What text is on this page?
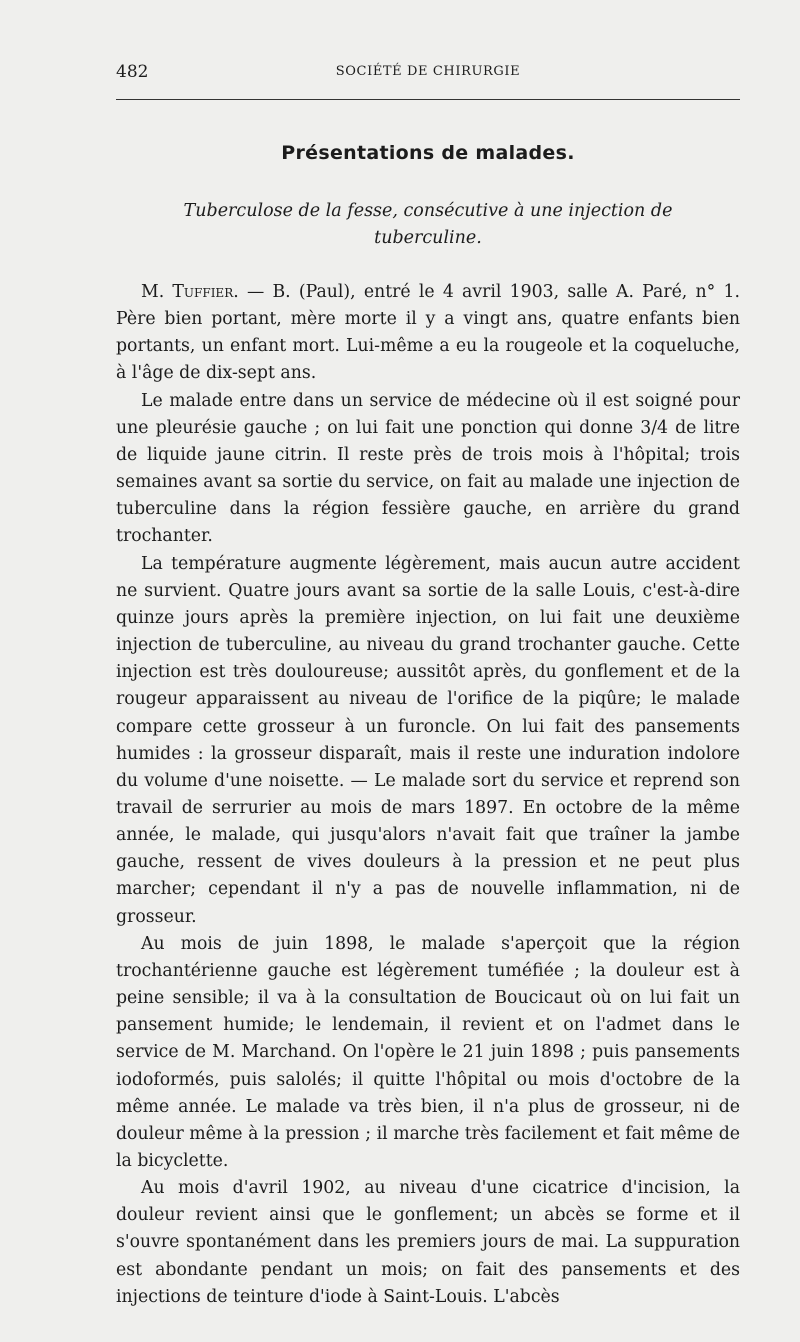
482	SOCIÉTÉ DE CHIRURGIE
Présentations de malades.
Tuberculose de la fesse, consécutive à une injection de tuberculine.

M. Tuffier. — B. (Paul), entré le 4 avril 1903, salle A. Paré, n° 1. Père bien portant, mère morte il y a vingt ans, quatre enfants bien portants, un enfant mort. Lui-même a eu la rougeole et la coqueluche, à l'âge de dix-sept ans.

Le malade entre dans un service de médecine où il est soigné pour une pleurésie gauche ; on lui fait une ponction qui donne 3/4 de litre de liquide jaune citrin. Il reste près de trois mois à l'hôpital; trois semaines avant sa sortie du service, on fait au malade une injection de tuberculine dans la région fessière gauche, en arrière du grand trochanter.

La température augmente légèrement, mais aucun autre accident ne survient. Quatre jours avant sa sortie de la salle Louis, c'est-à-dire quinze jours après la première injection, on lui fait une deuxième injection de tuberculine, au niveau du grand trochanter gauche. Cette injection est très douloureuse; aussitôt après, du gonflement et de la rougeur apparaissent au niveau de l'orifice de la piqûre; le malade compare cette grosseur à un furoncle. On lui fait des pansements humides : la grosseur disparaît, mais il reste une induration indolore du volume d'une noisette. — Le malade sort du service et reprend son travail de serrurier au mois de mars 1897. En octobre de la même année, le malade, qui jusqu'alors n'avait fait que traîner la jambe gauche, ressent de vives douleurs à la pression et ne peut plus marcher; cependant il n'y a pas de nouvelle inflammation, ni de grosseur.

Au mois de juin 1898, le malade s'aperçoit que la région trochantérienne gauche est légèrement tuméfiée ; la douleur est à peine sensible; il va à la consultation de Boucicaut où on lui fait un pansement humide; le lendemain, il revient et on l'admet dans le service de M. Marchand. On l'opère le 21 juin 1898 ; puis pansements iodoformés, puis salolés; il quitte l'hôpital ou mois d'octobre de la même année. Le malade va très bien, il n'a plus de grosseur, ni de douleur même à la pression ; il marche très facilement et fait même de la bicyclette.

Au mois d'avril 1902, au niveau d'une cicatrice d'incision, la douleur revient ainsi que le gonflement; un abcès se forme et il s'ouvre spontanément dans les premiers jours de mai. La suppuration est abondante pendant un mois; on fait des pansements et des injections de teinture d'iode à Saint-Louis. L'abcès
